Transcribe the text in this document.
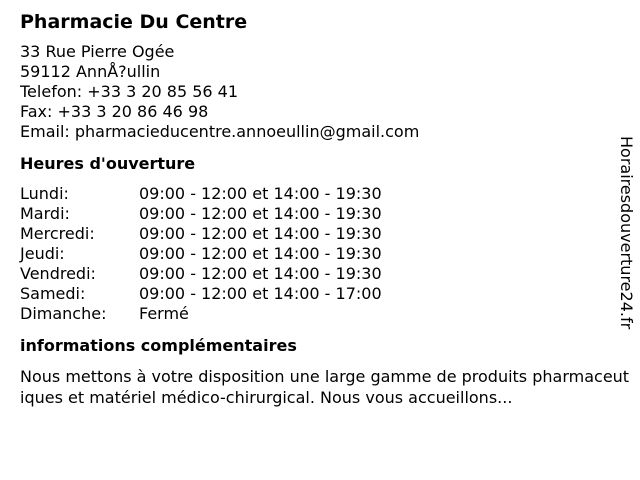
Pharmacie Du Centre
33 Rue Pierre Ogée
59112 AnnÅ?ullin
Telefon: +33 3 20 85 56 41
Fax: +33 3 20 86 46 98
Email: pharmacieducentre.annoeullin@gmail.com
Heures d'ouverture
Lundi:	09:00 - 12:00 et 14:00 - 19:30
Mardi:	09:00 - 12:00 et 14:00 - 19:30
Mercredi:	09:00 - 12:00 et 14:00 - 19:30
Jeudi:	09:00 - 12:00 et 14:00 - 19:30
Vendredi:	09:00 - 12:00 et 14:00 - 19:30
Samedi:	09:00 - 12:00 et 14:00 - 17:00
Dimanche:	Fermé
informations complémentaires
Nous mettons à votre disposition une large gamme de produits pharmaceutiques et matériel médico-chirurgical. Nous vous accueillons...
Horairesdouverture24.fr
